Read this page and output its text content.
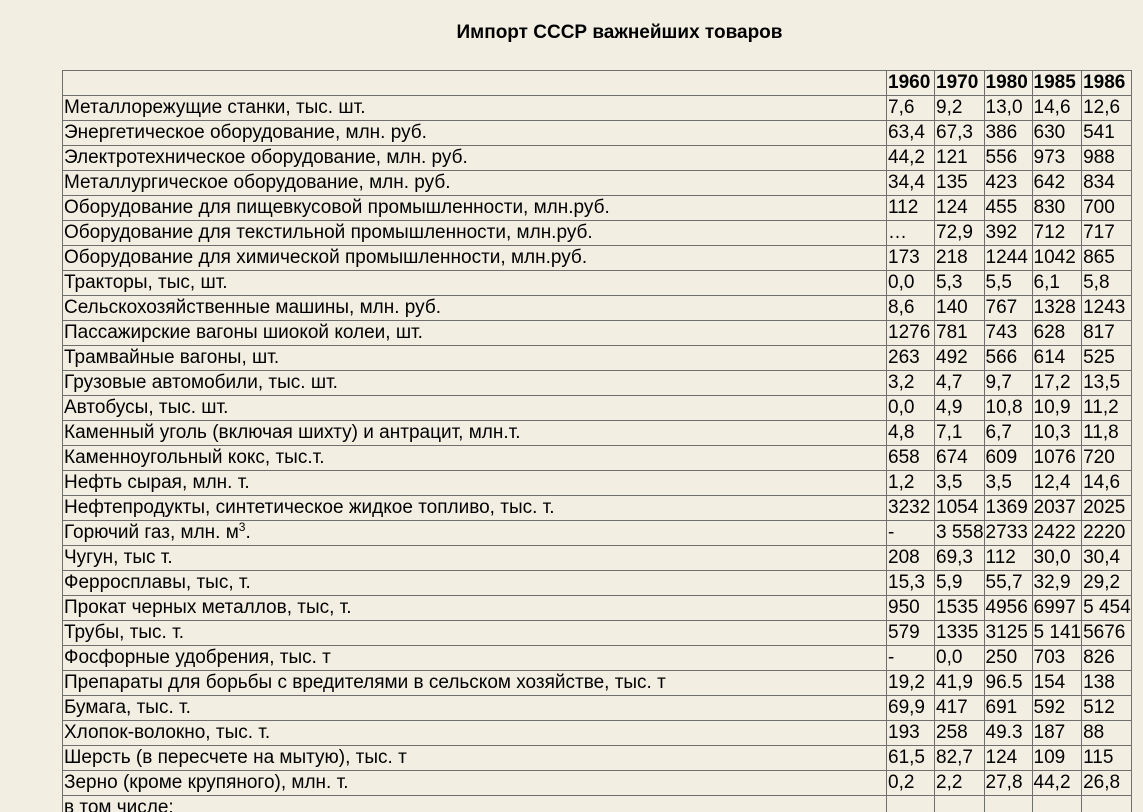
Импорт СССР важнейших товаров
	1960	1970	1980	1985	1986
Металлорежущие станки, тыс. шт.	7,6	9,2	13,0	14,6	12,6
Энергетическое оборудование, млн. руб.	63,4	67,3	386	630	541
Электротехническое оборудование, млн. руб.	44,2	121	556	973	988
Металлургическое оборудование, млн. руб.	34,4	135	423	642	834
Оборудование для пищевкусовой промышленности, млн.руб.	112	124	455	830	700
Оборудование для текстильной промышленности, млн.руб.	…	72,9	392	712	717
Оборудование для химической промышленности, млн.руб.	173	218	1244	1042	865
Тракторы, тыс, шт.	0,0	5,3	5,5	6,1	5,8
Сельскохозяйственные машины, млн. руб.	8,6	140	767	1328	1243
Пассажирские вагоны шиокой колеи, шт.	1276	781	743	628	817
Трамвайные вагоны, шт.	263	492	566	614	525
Грузовые автомобили, тыс. шт.	3,2	4,7	9,7	17,2	13,5
Автобусы, тыс. шт.	0,0	4,9	10,8	10,9	11,2
Каменный уголь (включая шихту) и антрацит, млн.т.	4,8	7,1	6,7	10,3	11,8
Каменноугольный кокс, тыс.т.	658	674	609	1076	720
Нефть сырая, млн. т.	1,2	3,5	3,5	12,4	14,6
Нефтепродукты, синтетическое жидкое топливо, тыс. т.	3232	1054	1369	2037	2025
Горючий газ, млн. $м^3$.	-	3 558	2733	2422	2220
Чугун, тыс т.	208	69,3	112	30,0	30,4
Ферросплавы, тыс, т.	15,3	5,9	55,7	32,9	29,2
Прокат черных металлов, тыс, т.	950	1535	4956	6997	5 454
Трубы, тыс. т.	579	1335	3125	5 141	5676
Фосфорные удобрения, тыс. т	-	0,0	250	703	826
Препараты для борьбы с вредителями в сельском хозяйстве, тыс. т	19,2	41,9	96.5	154	138
Бумага, тыс. т.	69,9	417	691	592	512
Хлопок-волокно, тыс. т.	193	258	49.3	187	88
Шерсть (в пересчете на мытую), тыс. т	61,5	82,7	124	109	115
Зерно (кроме крупяного), млн. т.	0,2	2,2	27,8	44,2	26,8
в том числе:					
